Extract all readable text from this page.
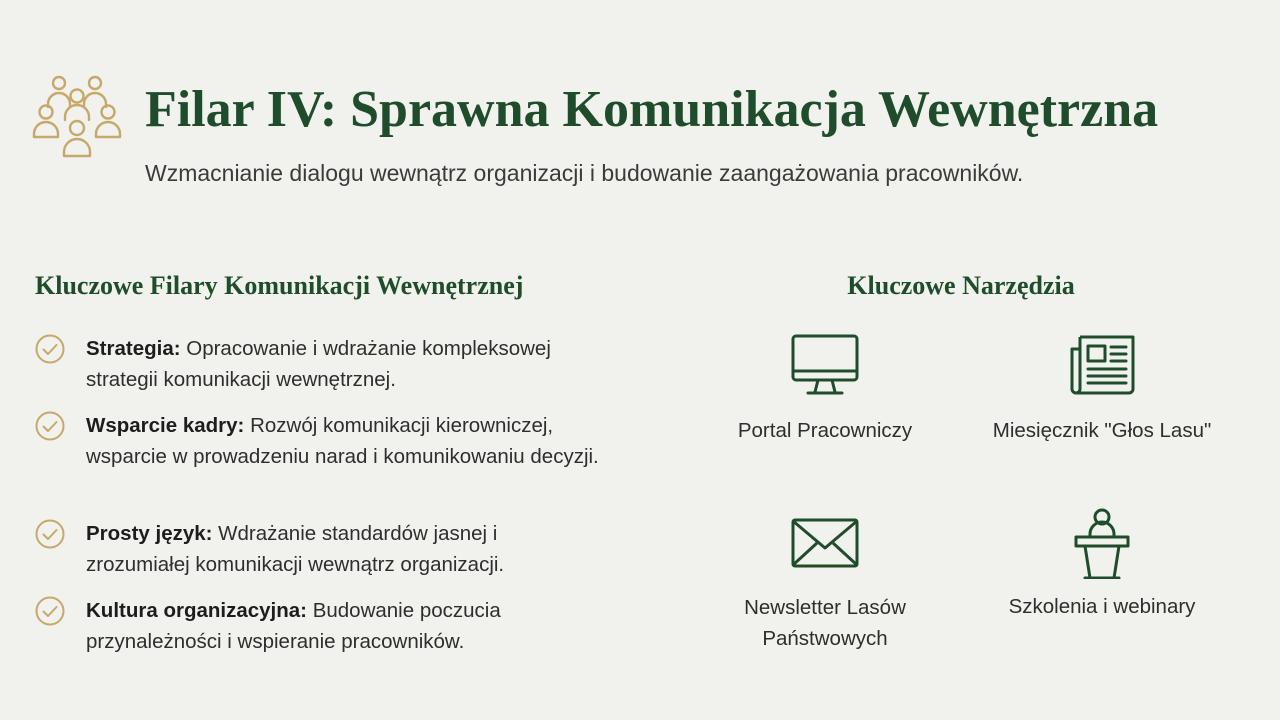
Filar IV: Sprawna Komunikacja Wewnętrzna

Wzmacnianie dialogu wewnątrz organizacji i budowanie zaangażowania pracowników.

Kluczowe Filary Komunikacji Wewnętrznej
Strategia: Opracowanie i wdrażanie kompleksowej strategii komunikacji wewnętrznej.
Wsparcie kadry: Rozwój komunikacji kierowniczej, wsparcie w prowadzeniu narad i komunikowaniu decyzji.
Prosty język: Wdrażanie standardów jasnej i zrozumiałej komunikacji wewnątrz organizacji.
Kultura organizacyjna: Budowanie poczucia przynależności i wspieranie pracowników.
Kluczowe Narzędzia
Portal Pracowniczy	Miesięcznik "Głos Lasu"
Newsletter Lasów Państwowych
Szkolenia i webinary
